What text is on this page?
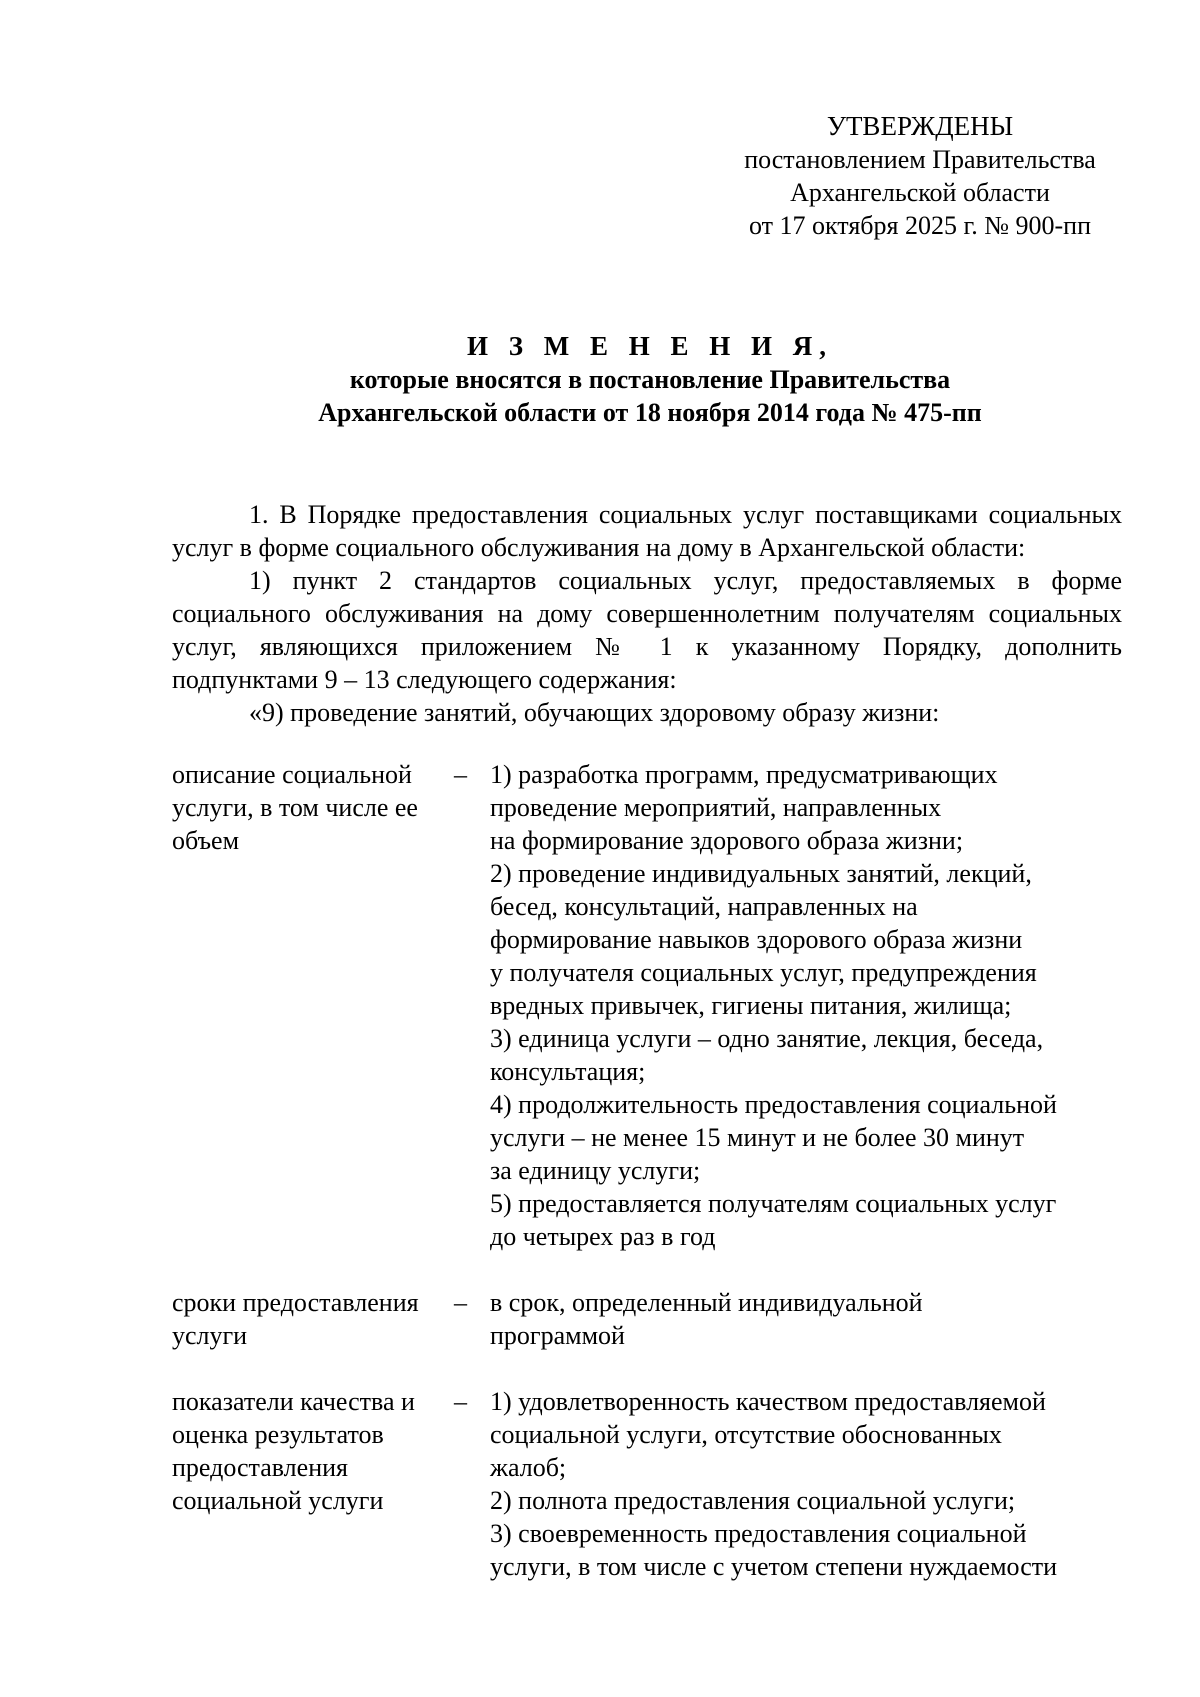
УТВЕРЖДЕНЫ
постановлением Правительства
Архангельской области
от 17 октября 2025 г. № 900-пп
И З М Е Н Е Н И Я,
которые вносятся в постановление Правительства
Архангельской области от 18 ноября 2014 года № 475-пп

1. В Порядке предоставления социальных услуг поставщиками социальных услуг в форме социального обслуживания на дому в Архангельской области:

1) пункт 2 стандартов социальных услуг, предоставляемых в форме социального обслуживания на дому совершеннолетним получателям социальных услуг, являющихся приложением № 1 к указанному Порядку, дополнить подпунктами 9 – 13 следующего содержания:

«9) проведение занятий, обучающих здоровому образу жизни:

описание социальной услуги, в том числе ее объем
– 1) разработка программ, предусматривающих
проведение мероприятий, направленных
на формирование здорового образа жизни;
2) проведение индивидуальных занятий, лекций,
бесед, консультаций, направленных на
формирование навыков здорового образа жизни
у получателя социальных услуг, предупреждения
вредных привычек, гигиены питания, жилища;
3) единица услуги – одно занятие, лекция, беседа,
консультация;
4) продолжительность предоставления социальной
услуги – не менее 15 минут и не более 30 минут
за единицу услуги;
5) предоставляется получателям социальных услуг
до четырех раз в год
сроки предоставления услуги
– в срок, определенный индивидуальной
программой
показатели качества и оценка результатов предоставления социальной услуги
– 1) удовлетворенность качеством предоставляемой
социальной услуги, отсутствие обоснованных
жалоб;
2) полнота предоставления социальной услуги;
3) своевременность предоставления социальной
услуги, в том числе с учетом степени нуждаемости
